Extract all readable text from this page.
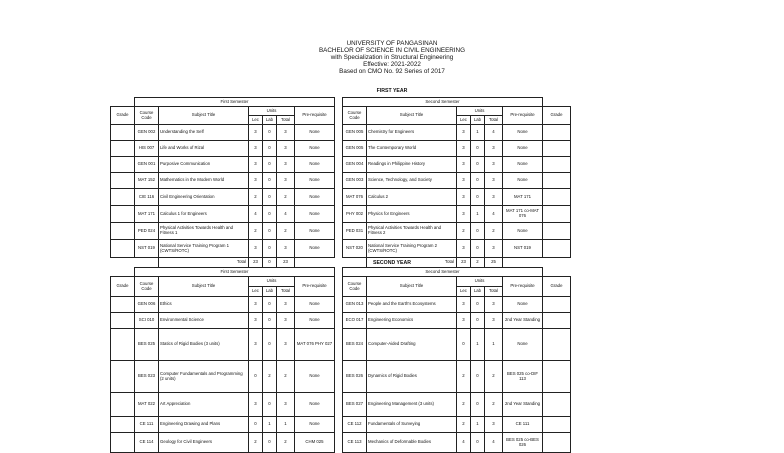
UNIVERSITY OF PANGASINAN
BACHELOR OF SCIENCE IN CIVIL ENGINEERING
with Specialization in Structural Engineering
Effective: 2021-2022
Based on CMO No. 92 Series of 2017
FIRST YEAR
	First Semester							Second Semester						
Grade	Course Code	Subject Title	Units			Pre-requisite		Course Code	Subject Title	Units			Pre-requisite	Grade
			Lec	Lab	Total					Lec	Lab	Total		
	GEN 002	Understanding the Self	3	0	3	None		GEN 005	Chemistry for Engineers	3	1	4	None	
	HIS 007	Life and Works of Rizal	3	0	3	None		GEN 005	The Contemporary World	3	0	3	None	
	GEN 001	Purposive Communication	3	0	3	None		GEN 004	Readings in Philippine History	3	0	3	None	
	MAT 152	Mathematics in the Modern World	3	0	3	None		GEN 003	Science, Technology, and Society	3	0	3	None	
	CIE 116	Civil Engineering Orientation	2	0	2	None		MAT 076	Calculus 2	3	0	3	MAT 171	
	MAT 171	Calculus 1 for Engineers	4	0	4	None		PHY 002	Physics for Engineers	3	1	4	MAT 171 co-MAT 076	
	PED 024	Physical Activities Towards Health and Fitness 1	2	0	2	None		PED 031	Physical Activities Towards Health and Fitness 2	2	0	2	None	
	NST 019	National Service Training Program 1 (CWTS/ROTC)	3	0	3	None		NST 020	National Service Training Program 2 (CWTS/ROTC)	3	0	3	NST 019	
		Total	23	0	23				Total	23	2	25		
SECOND YEAR
	First Semester							Second Semester						
Grade	Course Code	Subject Title	Units			Pre-requisite		Course Code	Subject Title	Units			Pre-requisite	Grade
			Lec	Lab	Total					Lec	Lab	Total		
	GEN 006	Ethics	3	0	3	None		GEN 013	People and the Earth's Ecosystems	3	0	3	None	
	SCI 010	Environmental Science	3	0	3	None		ECO 017	Engineering Economics	3	0	3	2nd Year Standing	
	BES 025	Statics of Rigid Bodies (3 units)	3	0	3	MAT 076 PHY 027		BES 024	Computer-Aided Drafting	0	1	1	None	
	BES 023	Computer Fundamentals and Programming (2 units)	0	2	2	None		BES 026	Dynamics of Rigid Bodies	2	0	2	BES 025 co-DIF 113	
	MAT 022	Art Appreciation	3	0	3	None		BES 027	Engineering Management (3 units)	2	0	2	2nd Year Standing	
	CE 111	Engineering Drawing and Plans	0	1	1	None		CE 112	Fundamentals of Surveying	2	1	3	CE 111	
	CE 114	Geology for Civil Engineers	2	0	2	CHM 025		CE 113	Mechanics of Deformable Bodies	4	0	4	BES 025 co-BES 026	
